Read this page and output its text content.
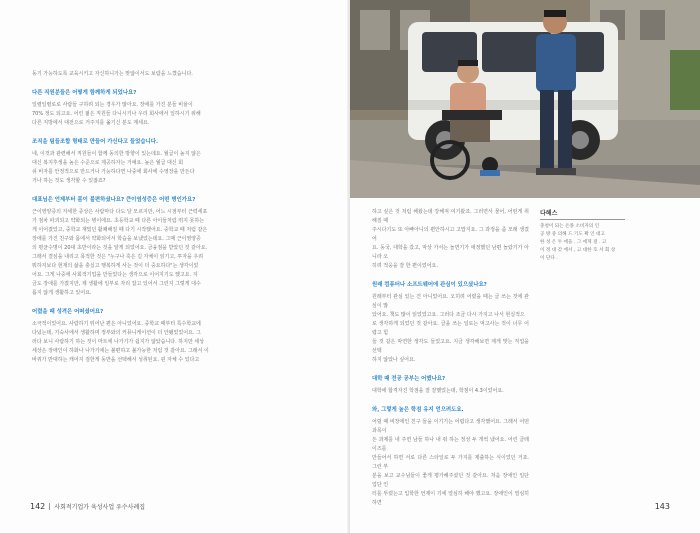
동기 가능하도록 교육시키고 자신하니가는 맞않이서도 보람을 느꼈습니다.

다른 직원분들은 어떻게 함께하게 되었나요?

일렬일렬로로 사람들 구하려 되는 경우가 많아요. 장애를 가진 분들 비율이
70% 정도 되고요. 어린 젊은 직원들 다니시기나 우리 회사에서 일하시기 위해
다른 지방에서 대전으로 거주지를 옮기신 분도 계세요.

조직을 팀들조합 형태로 만들어 가신다고 들었습니다.

네, 이것과 관련해서 직원들이 함께 동의한 방향이 있는데요. 월급이 높지 않은
대신 복지후생을 높은 수준으로 제공하자는 거예요. 높은 월급 대신 회
쉬 비자를 안정적으로 만드거나 가능하다면 나중에 회사에 수영장을 만든다
거나 하는 것도 생각할 수 있잖죠?

대표님은 언제부터 몸이 불편하셨나요? 큰이염성증은 어떤 병인가요?

근이영양증의 자세한 증상은 사람마다 다도 달 모르지만, 어느 시점부터 근력세포
가 점차 파괴되고 약화되는 병이에요. 초등학교 때 다른 아이들처럼 뛰지 못하는
게 이어졌었고, 중학교 재밌던 활쾌해질 때 다기 시작했어요. 중학교 때 처럼 같은
장애를 가진 친구와 몸에서 약화되어서 학습을 보냈었는데요. 그때 근이영양증
의 평균수명이 20대 초반이라는 것을 알게 되었어요. 금융점을 받았던 것 같아요.
그래서 결심을 내리고 목적한 것은 "누구나 혹은 길 자체이 읽기고, 투자을 우려
뭐하지보다 현재의 삶을 충실고 행복하게 사는 것이 더 중요하다"는 생각이었
어요. 그게 나중에 사회적기업을 만들었다는 생각으로 이어지기도 했고요. 지
금도 장애를 가졌지만, 제 생활에 일부로 자리 잡고 있어서 그런지 그렇게 대수
롭지 않게 생활하고 있어요.

어렸을 때 성격은 어떠셨어요?

소극적이었어요. 사람하기 뛰어난 편은 아니었어요. 중학교 때부터 특수학교에
다녔는데, 기숙사에서 생활하며 정부와의 커뮤니케이션이 더 안됐었었어요. 그
러다 보니 사람하기 하는 것이 마트에 나가기가 쉽지가 않았습니다. 하지만 세상
세상은 장애인이 하화나 나가기에는 불편하고 불가능한 처럼 것 같아요. 그래서 이
바퀴가 반대하는 캐어지 검한게 동반을 선택해서 성취된요. 윈 자체 수 있다고

142 사회적기업가 육성사업 우수사례집

하고 싶은 것 처럼 해왔는데 강해져 여기왔죠. 그러면서 물어, 어떤게 취해질 때
주시다기도 또 아빠아니의 편안하시고 고맙지요. 그 과정을 좀 모래 생겼어
요. 동국, 대학을 갔고, 막상 가서는 놀면기가 애정했던 남편 놀랐기가 아니라 오
히려 적응을 잘 한 편이었어요.

원래 컴퓨터나 소프트웨어에 관심이 있으셨나요?

원래부터 관심 있는 건 아니었어요. 오히려 어렸을 때는 글 쓰는 것에 관심이 많
았어요. 책도 많이 읽었었고요. 그러다 조금 다시 가지고 나서 현실적으
로 생각하게 되었던 것 같아요. 글을 쓰는 일로는 먹고사는 것이 너무 어렵고 힘
들 것 같은 막연한 생각도 들었고요. 지금 생각해보면 제게 맞는 직업을 선택
하지 않았나 싶어요.

대학 때 전공 공부는 어땠나요?

대학에 합격자진 학점을 잘 잘했었는데, 학점이 4.3이었어요.

와, 그렇게 높은 학점 유지 얻으려도요.

어릴 때 비장애인 친구 들을 이기기는 어렵다고 생각했어요. 그래서 어떤 과목이
든 과제를 내 주면 남들 하나 내 줘 하는 정성 두 개씩 냈어요. 어린 클래이즈를
만들어서 하면 서로 다른 스타일로 두 가지를 제출하는 식이었던 거죠. 그런 부
분을 보고 교수님들이 좋게 평가해주셨던 것 같아요. 처음 장애인 일단 업단 인
터를 뚜렸는고 입학한 언제이 기에 열심히 해야 했고요. 장애인이 열심히 하면

다해스

충청이 되는 온종 소비자의 인
공 방 중 의해 드 기도 확 인 대고
한 성 은 두 에을 . 그 에게 걸 . 고
이 정 대 갖 에서 , 고 대한 호 서 회 상
이 단다 .
143
